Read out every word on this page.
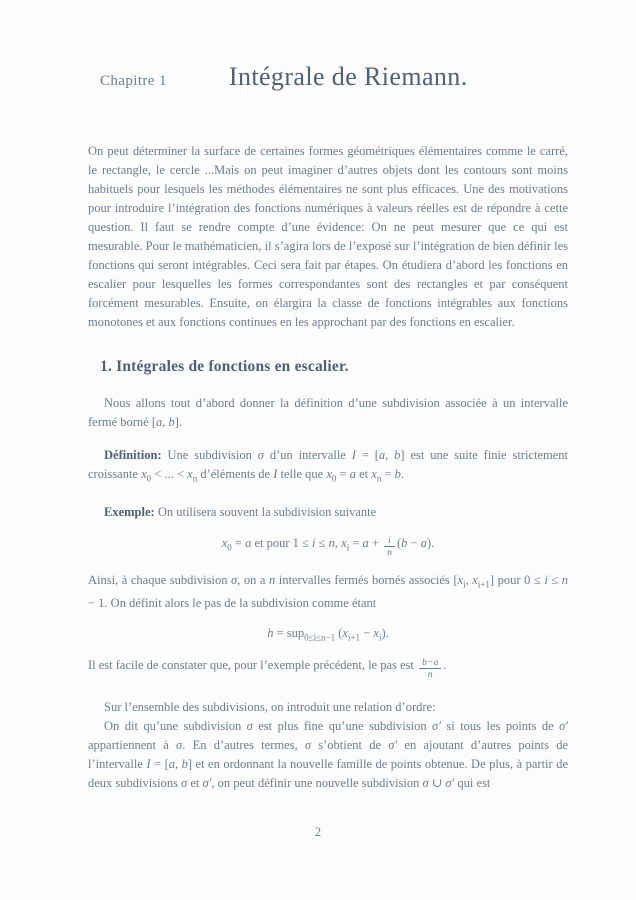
Chapitre 1 Intégrale de Riemann.

On peut déterminer la surface de certaines formes géométriques élémentaires comme le carré, le rectangle, le cercle ...Mais on peut imaginer d’autres objets dont les contours sont moins habituels pour lesquels les méthodes élémentaires ne sont plus efficaces. Une des motivations pour introduire l’intégration des fonctions numériques à valeurs réelles est de répondre à cette question. Il faut se rendre compte d’une évidence: On ne peut mesurer que ce qui est mesurable. Pour le mathématicien, il s’agira lors de l’exposé sur l’intégration de bien définir les fonctions qui seront intégrables. Ceci sera fait par étapes. On étudiera d’abord les fonctions en escalier pour lesquelles les formes correspondantes sont des rectangles et par conséquent forcément mesurables. Ensuite, on élargira la classe de fonctions intégrables aux fonctions monotones et aux fonctions continues en les approchant par des fonctions en escalier.

1. Intégrales de fonctions en escalier.

Nous allons tout d’abord donner la définition d’une subdivision associée à un intervalle fermé borné [a, b].

Définition: Une subdivision σ d’un intervalle I = [a, b] est une suite finie strictement croissante $x_0$ < ... < $x_n$ d’éléments de I telle que $x_0 = a$ et $x_n = b$.

Exemple: On utilisera souvent la subdivision suivante

$x_0 = a$ et pour 1 ≤ i ≤ n, $x_i = a + \frac{i}{n} (b - a)$.

Ainsi, à chaque subdivision σ, on a n intervalles fermés bornés associés [$x_i$, $x_{i+1}$] pour 0 ≤ i ≤ n − 1. On définit alors le pas de la subdivision comme étant

h = sup$_{0\le i\le n-1}$ $(x_{i+1} - x_i)$.

Il est facile de constater que, pour l’exemple précédent, le pas est $\frac{b-a}{n}$ .

Sur l’ensemble des subdivisions, on introduit une relation d’ordre:

On dit qu’une subdivision σ est plus fine qu’une subdivision σ′ si tous les points de σ′ appartiennent à σ. En d’autres termes, σ s’obtient de σ′ en ajoutant d’autres points de l’intervalle I = [a, b] et en ordonnant la nouvelle famille de points obtenue. De plus, à partir de deux subdivisions σ et σ′, on peut définir une nouvelle subdivision σ ∪ σ′ qui est

2
